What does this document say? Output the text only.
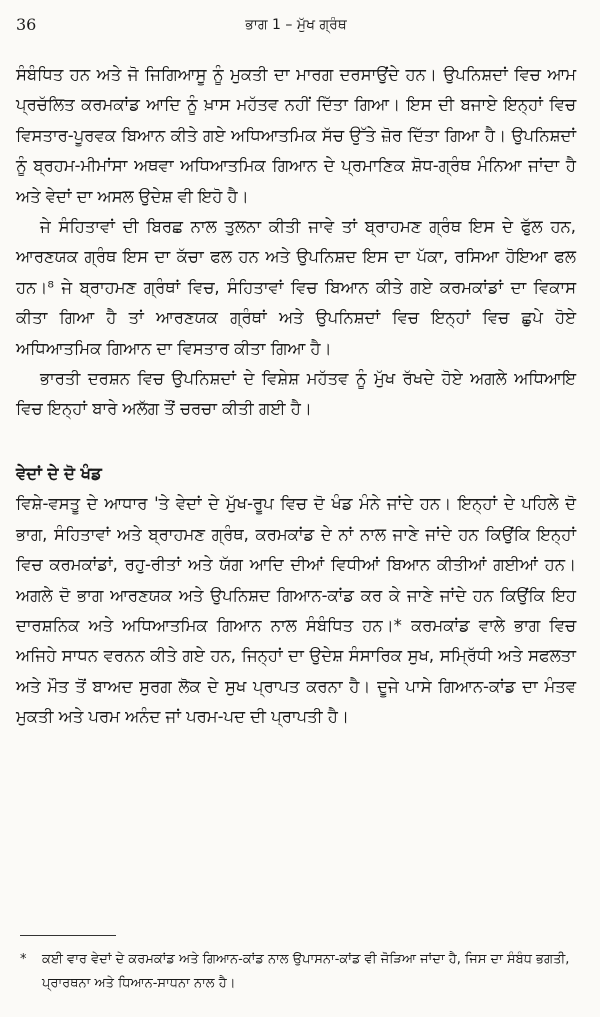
36	ਭਾਗ 1 – ਮੁੱਖ ਗ੍ਰੰਥ

ਸੰਬੰਧਿਤ ਹਨ ਅਤੇ ਜੋ ਜਿਗਿਆਸੂ ਨੂੰ ਮੁਕਤੀ ਦਾ ਮਾਰਗ ਦਰਸਾਉਂਦੇ ਹਨ। ਉਪਨਿਸ਼ਦਾਂ ਵਿਚ ਆਮ ਪ੍ਰਚੱਲਿਤ ਕਰਮਕਾਂਡ ਆਦਿ ਨੂੰ ਖ਼ਾਸ ਮਹੱਤਵ ਨਹੀਂ ਦਿੱਤਾ ਗਿਆ। ਇਸ ਦੀ ਬਜਾਏ ਇਨ੍ਹਾਂ ਵਿਚ ਵਿਸਤਾਰ-ਪੂਰਵਕ ਬਿਆਨ ਕੀਤੇ ਗਏ ਅਧਿਆਤਮਿਕ ਸੱਚ ਉੱਤੇ ਜ਼ੋਰ ਦਿੱਤਾ ਗਿਆ ਹੈ। ਉਪਨਿਸ਼ਦਾਂ ਨੂੰ ਬ੍ਰਹਮ-ਮੀਮਾਂਸਾ ਅਥਵਾ ਅਧਿਆਤਮਿਕ ਗਿਆਨ ਦੇ ਪ੍ਰਮਾਣਿਕ ਸ਼ੋਧ-ਗ੍ਰੰਥ ਮੰਨਿਆ ਜਾਂਦਾ ਹੈ ਅਤੇ ਵੇਦਾਂ ਦਾ ਅਸਲ ਉਦੇਸ਼ ਵੀ ਇਹੋ ਹੈ।

ਜੇ ਸੰਹਿਤਾਵਾਂ ਦੀ ਬਿਰਛ ਨਾਲ ਤੁਲਨਾ ਕੀਤੀ ਜਾਵੇ ਤਾਂ ਬ੍ਰਾਹਮਣ ਗ੍ਰੰਥ ਇਸ ਦੇ ਫੁੱਲ ਹਨ, ਆਰਣਯਕ ਗ੍ਰੰਥ ਇਸ ਦਾ ਕੱਚਾ ਫਲ ਹਨ ਅਤੇ ਉਪਨਿਸ਼ਦ ਇਸ ਦਾ ਪੱਕਾ, ਰਸਿਆ ਹੋਇਆ ਫਲ ਹਨ।⁸ ਜੇ ਬ੍ਰਾਹਮਣ ਗ੍ਰੰਥਾਂ ਵਿਚ, ਸੰਹਿਤਾਵਾਂ ਵਿਚ ਬਿਆਨ ਕੀਤੇ ਗਏ ਕਰਮਕਾਂਡਾਂ ਦਾ ਵਿਕਾਸ ਕੀਤਾ ਗਿਆ ਹੈ ਤਾਂ ਆਰਣਯਕ ਗ੍ਰੰਥਾਂ ਅਤੇ ਉਪਨਿਸ਼ਦਾਂ ਵਿਚ ਇਨ੍ਹਾਂ ਵਿਚ ਛੁਪੇ ਹੋਏ ਅਧਿਆਤਮਿਕ ਗਿਆਨ ਦਾ ਵਿਸਤਾਰ ਕੀਤਾ ਗਿਆ ਹੈ।

ਭਾਰਤੀ ਦਰਸ਼ਨ ਵਿਚ ਉਪਨਿਸ਼ਦਾਂ ਦੇ ਵਿਸ਼ੇਸ਼ ਮਹੱਤਵ ਨੂੰ ਮੁੱਖ ਰੱਖਦੇ ਹੋਏ ਅਗਲੇ ਅਧਿਆਇ ਵਿਚ ਇਨ੍ਹਾਂ ਬਾਰੇ ਅਲੱਗ ਤੌਂ ਚਰਚਾ ਕੀਤੀ ਗਈ ਹੈ।

ਵੇਦਾਂ ਦੇ ਦੋ ਖੰਡ

ਵਿਸ਼ੇ-ਵਸਤੂ ਦੇ ਆਧਾਰ 'ਤੇ ਵੇਦਾਂ ਦੇ ਮੁੱਖ-ਰੂਪ ਵਿਚ ਦੋ ਖੰਡ ਮੰਨੇ ਜਾਂਦੇ ਹਨ। ਇਨ੍ਹਾਂ ਦੇ ਪਹਿਲੇ ਦੋ ਭਾਗ, ਸੰਹਿਤਾਵਾਂ ਅਤੇ ਬ੍ਰਾਹਮਣ ਗ੍ਰੰਥ, ਕਰਮਕਾਂਡ ਦੇ ਨਾਂ ਨਾਲ ਜਾਣੇ ਜਾਂਦੇ ਹਨ ਕਿਉਂਕਿ ਇਨ੍ਹਾਂ ਵਿਚ ਕਰਮਕਾਂਡਾਂ, ਰਹੁ-ਰੀਤਾਂ ਅਤੇ ਯੱਗ ਆਦਿ ਦੀਆਂ ਵਿਧੀਆਂ ਬਿਆਨ ਕੀਤੀਆਂ ਗਈਆਂ ਹਨ। ਅਗਲੇ ਦੋ ਭਾਗ ਆਰਣਯਕ ਅਤੇ ਉਪਨਿਸ਼ਦ ਗਿਆਨ-ਕਾਂਡ ਕਰ ਕੇ ਜਾਣੇ ਜਾਂਦੇ ਹਨ ਕਿਉਂਕਿ ਇਹ ਦਾਰਸ਼ਨਿਕ ਅਤੇ ਅਧਿਆਤਮਿਕ ਗਿਆਨ ਨਾਲ ਸੰਬੰਧਿਤ ਹਨ।* ਕਰਮਕਾਂਡ ਵਾਲੇ ਭਾਗ ਵਿਚ ਅਜਿਹੇ ਸਾਧਨ ਵਰਨਨ ਕੀਤੇ ਗਏ ਹਨ, ਜਿਨ੍ਹਾਂ ਦਾ ਉਦੇਸ਼ ਸੰਸਾਰਿਕ ਸੁਖ, ਸਮ੍ਰਿੱਧੀ ਅਤੇ ਸਫਲਤਾ ਅਤੇ ਮੌਤ ਤੋਂ ਬਾਅਦ ਸੁਰਗ ਲੋਕ ਦੇ ਸੁਖ ਪ੍ਰਾਪਤ ਕਰਨਾ ਹੈ। ਦੂਜੇ ਪਾਸੇ ਗਿਆਨ-ਕਾਂਡ ਦਾ ਮੰਤਵ ਮੁਕਤੀ ਅਤੇ ਪਰਮ ਅਨੰਦ ਜਾਂ ਪਰਮ-ਪਦ ਦੀ ਪ੍ਰਾਪਤੀ ਹੈ।

*	ਕਈ ਵਾਰ ਵੇਦਾਂ ਦੇ ਕਰਮਕਾਂਡ ਅਤੇ ਗਿਆਨ-ਕਾਂਡ ਨਾਲ ਉਪਾਸਨਾ-ਕਾਂਡ ਵੀ ਜੋੜਿਆ ਜਾਂਦਾ ਹੈ, ਜਿਸ ਦਾ ਸੰਬੰਧ ਭਗਤੀ, ਪ੍ਰਾਰਥਨਾ ਅਤੇ ਧਿਆਨ-ਸਾਧਨਾ ਨਾਲ ਹੈ।
